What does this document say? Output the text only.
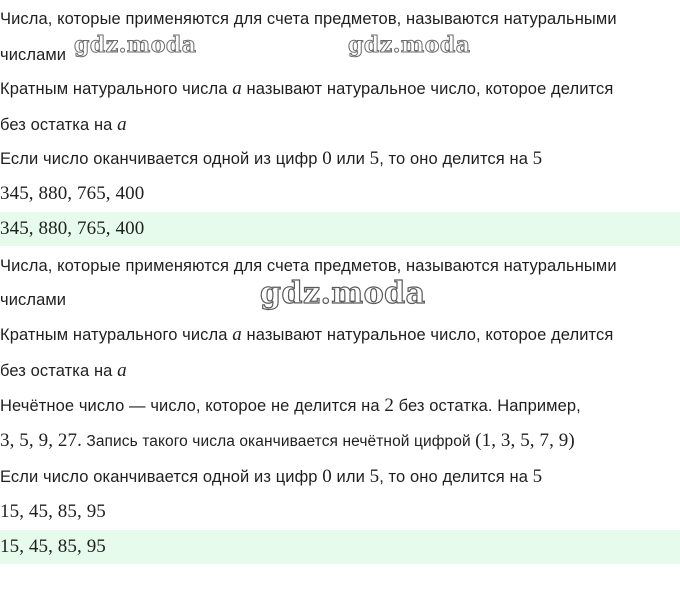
Числа, которые применяются для счета предметов, называются натуральными
числами
Кратным натурального числа a называют натуральное число, которое делится
без остатка на a
Если число оканчивается одной из цифр 0 или 5, то оно делится на 5
345, 880, 765, 400
345, 880, 765, 400
Числа, которые применяются для счета предметов, называются натуральными
числами
Кратным натурального числа a называют натуральное число, которое делится
без остатка на a
Нечётное число — число, которое не делится на 2 без остатка. Например,
3, 5, 9, 27. Запись такого числа оканчивается нечётной цифрой (1, 3, 5, 7, 9)
Если число оканчивается одной из цифр 0 или 5, то оно делится на 5
15, 45, 85, 95
15, 45, 85, 95
gdz.moda	gdz.moda
gdz.moda
